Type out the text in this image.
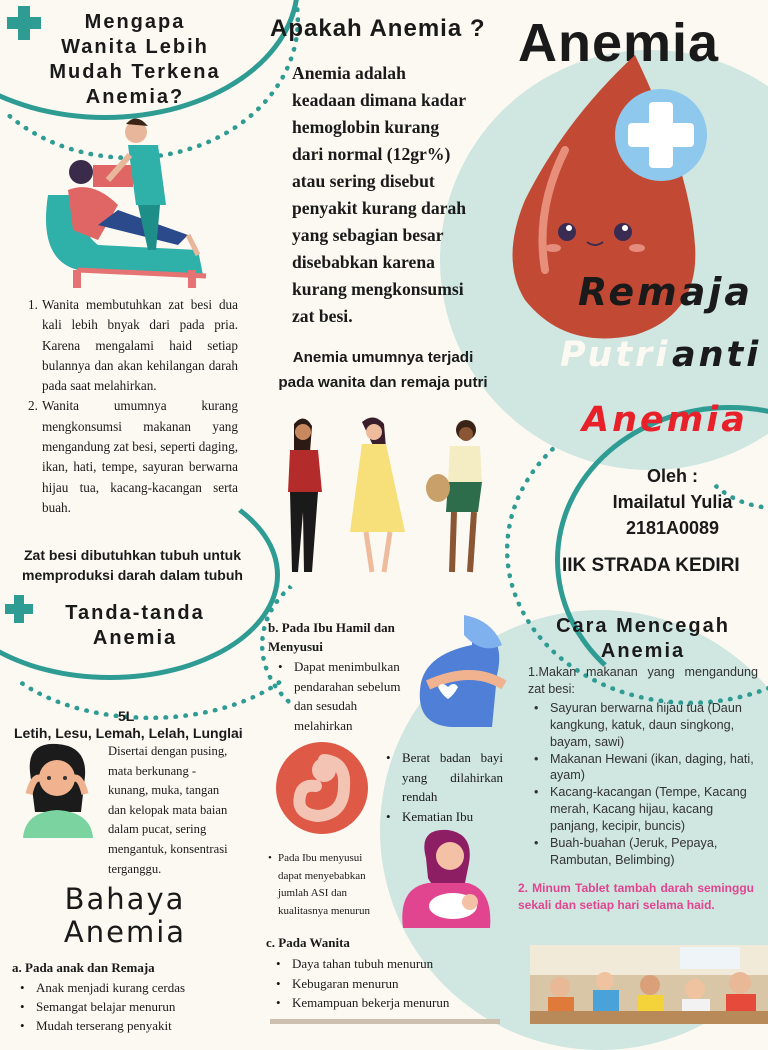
Mengapa
Wanita Lebih
Mudah Terkena
Anemia?
1. Wanita membutuhkan zat besi dua kali lebih bnyak dari pada pria. Karena mengalami haid setiap bulannya dan akan kehilangan darah pada saat melahirkan.
2. Wanita umumnya kurang mengkonsumsi makanan yang mengandung zat besi, seperti daging, ikan, hati, tempe, sayuran berwarna hijau tua, kacang-kacangan serta buah.
Zat besi dibutuhkan tubuh untuk
memproduksi darah dalam tubuh
Apakah Anemia ?
Anemia adalah
keadaan dimana kadar
hemoglobin kurang
dari normal (12gr%)
atau sering disebut
penyakit kurang darah
yang sebagian besar
disebabkan karena
kurang mengkonsumsi
zat besi.
Anemia umumnya terjadi
pada wanita dan remaja putri
Anemia
Remaja
Putri anti
Anemia
Oleh :
Imailatul Yulia
2181A0089
IIK STRADA KEDIRI
Tanda-tanda
Anemia
5L
Letih, Lesu, Lemah, Lelah, Lunglai
Disertai dengan pusing,
mata berkunang -
kunang, muka, tangan
dan kelopak mata baian
dalam pucat, sering
mengantuk, konsentrasi
terganggu.
Bahaya
Anemia
a. Pada anak dan Remaja
• Anak menjadi kurang cerdas
• Semangat belajar menurun
• Mudah terserang penyakit
b. Pada Ibu Hamil dan
Menyusui
• Dapat menimbulkan pendarahan sebelum dan sesudah melahirkan
• Berat badan bayi yang dilahirkan rendah
• Kematian Ibu
• Pada Ibu menyusui dapat menyebabkan jumlah ASI dan kualitasnya menurun
c. Pada Wanita
• Daya tahan tubuh menurun
• Kebugaran menurun
• Kemampuan bekerja menurun
Cara Mencegah
Anemia
1.Makan makanan yang mengandung zat besi:
• Sayuran berwarna hijau tua (Daun kangkung, katuk, daun singkong, bayam, sawi)
• Makanan Hewani (ikan, daging, hati, ayam)
• Kacang-kacangan (Tempe, Kacang merah, Kacang hijau, kacang panjang, kecipir, buncis)
• Buah-buahan (Jeruk, Pepaya, Rambutan, Belimbing)
2. Minum Tablet tambah darah seminggu sekali dan setiap hari selama haid.
